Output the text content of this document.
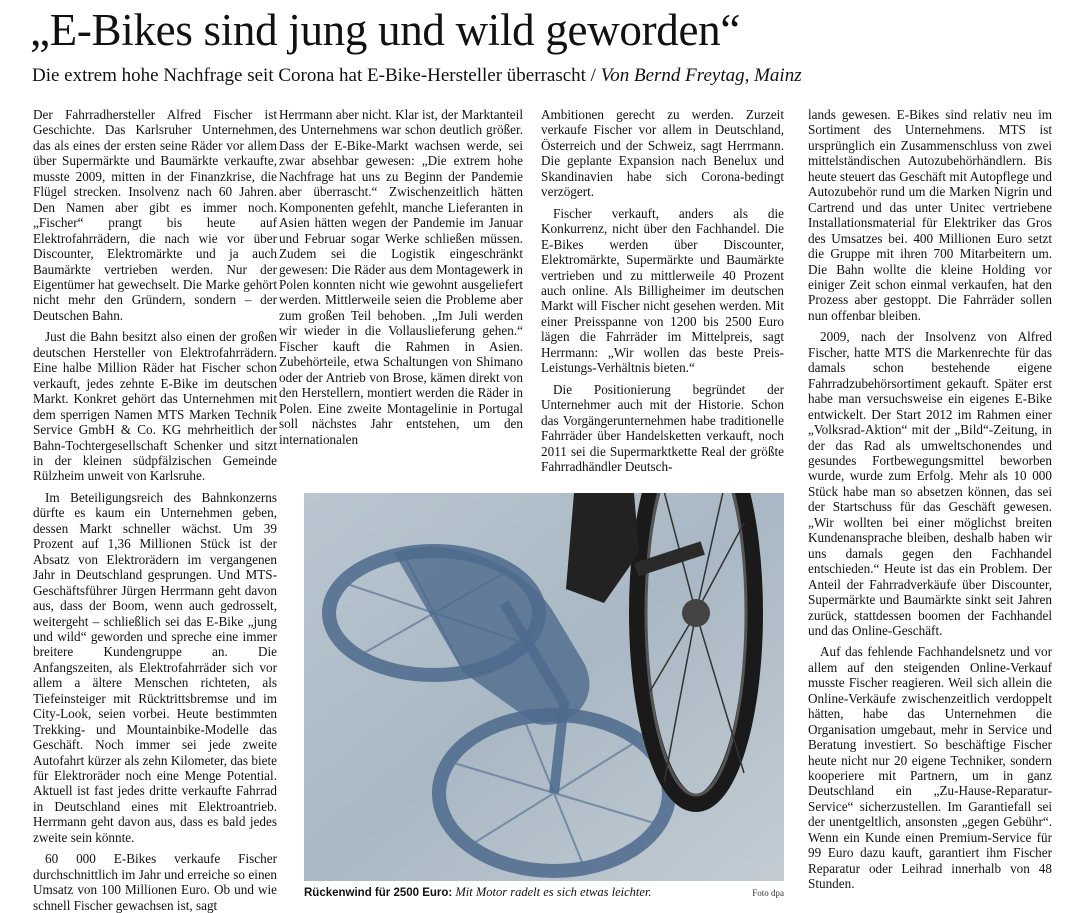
„E-Bikes sind jung und wild geworden“
Die extrem hohe Nachfrage seit Corona hat E-Bike-Hersteller überrascht / Von Bernd Freytag, Mainz

Der Fahrradhersteller Alfred Fischer ist Geschichte. Das Karlsruher Unternehmen, das als eines der ersten seine Räder vor allem über Supermärkte und Baumärkte verkaufte, musste 2009, mitten in der Finanzkrise, die Flügel strecken. Insolvenz nach 60 Jahren. Den Namen aber gibt es immer noch. „Fischer“ prangt bis heute auf Elektrofahrrädern, die nach wie vor über Discounter, Elektromärkte und ja auch Baumärkte vertrieben werden. Nur der Eigentümer hat gewechselt. Die Marke gehört nicht mehr den Gründern, sondern – der Deutschen Bahn.

Just die Bahn besitzt also einen der großen deutschen Hersteller von Elektrofahrrädern. Eine halbe Million Räder hat Fischer schon verkauft, jedes zehnte E-Bike im deutschen Markt. Konkret gehört das Unternehmen mit dem sperrigen Namen MTS Marken Technik Service GmbH & Co. KG mehrheitlich der Bahn-Tochtergesellschaft Schenker und sitzt in der kleinen südpfälzischen Gemeinde Rülzheim unweit von Karlsruhe.

Im Beteiligungsreich des Bahnkonzerns dürfte es kaum ein Unternehmen geben, dessen Markt schneller wächst. Um 39 Prozent auf 1,36 Millionen Stück ist der Absatz von Elektrorädern im vergangenen Jahr in Deutschland gesprungen. Und MTS-Geschäftsführer Jürgen Herrmann geht davon aus, dass der Boom, wenn auch gedrosselt, weitergeht – schließlich sei das E-Bike „jung und wild“ geworden und spreche eine immer breitere Kundengruppe an. Die Anfangszeiten, als Elektrofahrräder sich vor allem a ältere Menschen richteten, als Tiefeinsteiger mit Rücktrittsbremse und im City-Look, seien vorbei. Heute bestimmten Trekking- und Mountainbike-Modelle das Geschäft. Noch immer sei jede zweite Autofahrt kürzer als zehn Kilometer, das biete für Elektroräder noch eine Menge Potential. Aktuell ist fast jedes dritte verkaufte Fahrrad in Deutschland eines mit Elektroantrieb. Herrmann geht davon aus, dass es bald jedes zweite sein könnte.

60 000 E-Bikes verkaufe Fischer durchschnittlich im Jahr und erreiche so einen Umsatz von 100 Millionen Euro. Ob und wie schnell Fischer gewachsen ist, sagt

Herrmann aber nicht. Klar ist, der Marktanteil des Unternehmens war schon deutlich größer. Dass der E-Bike-Markt wachsen werde, sei zwar absehbar gewesen: „Die extrem hohe Nachfrage hat uns zu Beginn der Pandemie aber überrascht.“ Zwischenzeitlich hätten Komponenten gefehlt, manche Lieferanten in Asien hätten wegen der Pandemie im Januar und Februar sogar Werke schließen müssen. Zudem sei die Logistik eingeschränkt gewesen: Die Räder aus dem Montagewerk in Polen konnten nicht wie gewohnt ausgeliefert werden. Mittlerweile seien die Probleme aber zum großen Teil behoben. „Im Juli werden wir wieder in die Vollauslieferung gehen.“ Fischer kauft die Rahmen in Asien. Zubehörteile, etwa Schaltungen von Shimano oder der Antrieb von Brose, kämen direkt von den Herstellern, montiert werden die Räder in Polen. Eine zweite Montagelinie in Portugal soll nächstes Jahr entstehen, um den internationalen

Ambitionen gerecht zu werden. Zurzeit verkaufe Fischer vor allem in Deutschland, Österreich und der Schweiz, sagt Herrmann. Die geplante Expansion nach Benelux und Skandinavien habe sich Corona-bedingt verzögert.

Fischer verkauft, anders als die Konkurrenz, nicht über den Fachhandel. Die E-Bikes werden über Discounter, Elektromärkte, Supermärkte und Baumärkte vertrieben und zu mittlerweile 40 Prozent auch online. Als Billigheimer im deutschen Markt will Fischer nicht gesehen werden. Mit einer Preisspanne von 1200 bis 2500 Euro lägen die Fahrräder im Mittelpreis, sagt Herrmann: „Wir wollen das beste Preis-Leistungs-Verhältnis bieten.“

Die Positionierung begründet der Unternehmer auch mit der Historie. Schon das Vorgängerunternehmen habe traditionelle Fahrräder über Handelsketten verkauft, noch 2011 sei die Supermarktkette Real der größte Fahrradhändler Deutsch-

lands gewesen. E-Bikes sind relativ neu im Sortiment des Unternehmens. MTS ist ursprünglich ein Zusammenschluss von zwei mittelständischen Autozubehörhändlern. Bis heute steuert das Geschäft mit Autopflege und Autozubehör rund um die Marken Nigrin und Cartrend und das unter Unitec vertriebene Installationsmaterial für Elektriker das Gros des Umsatzes bei. 400 Millionen Euro setzt die Gruppe mit ihren 700 Mitarbeitern um. Die Bahn wollte die kleine Holding vor einiger Zeit schon einmal verkaufen, hat den Prozess aber gestoppt. Die Fahrräder sollen nun offenbar bleiben.

2009, nach der Insolvenz von Alfred Fischer, hatte MTS die Markenrechte für das damals schon bestehende eigene Fahrradzubehörsortiment gekauft. Später erst habe man versuchsweise ein eigenes E-Bike entwickelt. Der Start 2012 im Rahmen einer „Volksrad-Aktion“ mit der „Bild“-Zeitung, in der das Rad als umweltschonendes und gesundes Fortbewegungsmittel beworben wurde, wurde zum Erfolg. Mehr als 10 000 Stück habe man so absetzen können, das sei der Startschuss für das Geschäft gewesen. „Wir wollten bei einer möglichst breiten Kundenansprache bleiben, deshalb haben wir uns damals gegen den Fachhandel entschieden.“ Heute ist das ein Problem. Der Anteil der Fahrradverkäufe über Discounter, Supermärkte und Baumärkte sinkt seit Jahren zurück, stattdessen boomen der Fachhandel und das Online-Geschäft.

Auf das fehlende Fachhandelsnetz und vor allem auf den steigenden Online-Verkauf musste Fischer reagieren. Weil sich allein die Online-Verkäufe zwischenzeitlich verdoppelt hätten, habe das Unternehmen die Organisation umgebaut, mehr in Service und Beratung investiert. So beschäftige Fischer heute nicht nur 20 eigene Techniker, sondern kooperiere mit Partnern, um in ganz Deutschland ein „Zu-Hause-Reparatur-Service“ sicherzustellen. Im Garantiefall sei der unentgeltlich, ansonsten „gegen Gebühr“. Wenn ein Kunde einen Premium-Service für 99 Euro dazu kauft, garantiert ihm Fischer Reparatur oder Leihrad innerhalb von 48 Stunden.

Rückenwind für 2500 Euro: Mit Motor radelt es sich etwas leichter.	Foto dpa
